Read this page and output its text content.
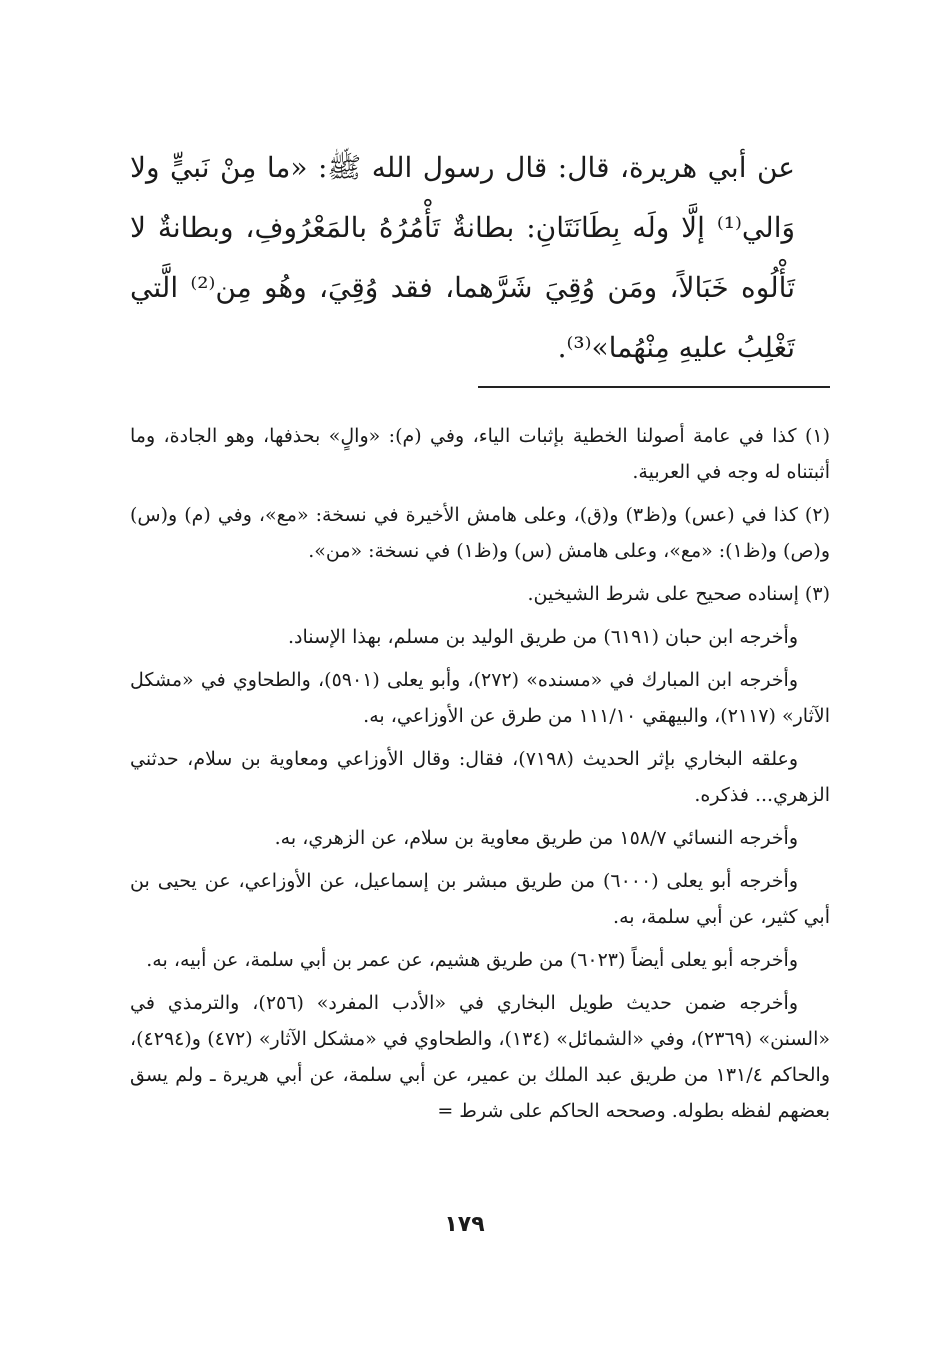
عن أبي هريرة، قال: قال رسول الله ﷺ: «ما مِنْ نَبيٍّ ولا وَالي⁽¹⁾ إلَّا ولَه بِطَانَتَانِ: بطانةٌ تَأْمُرُهُ بالمَعْرُوفِ، وبطانةٌ لا تَأْلُوه خَبَالاً، ومَن وُقِيَ شَرَّهما، فقد وُقِيَ، وهُو مِن⁽²⁾ الَّتي تَغْلِبُ عليهِ مِنْهُما»⁽³⁾.

(١) كذا في عامة أصولنا الخطية بإثبات الياء، وفي (م): «والٍ» بحذفها، وهو الجادة، وما أثبتناه له وجه في العربية.

(٢) كذا في (عس) و(ظ٣) و(ق)، وعلى هامش الأخيرة في نسخة: «مع»، وفي (م) و(س) و(ص) و(ظ١): «مع»، وعلى هامش (س) و(ظ١) في نسخة: «من».

(٣) إسناده صحيح على شرط الشيخين.

وأخرجه ابن حبان (٦١٩١) من طريق الوليد بن مسلم، بهذا الإسناد.

وأخرجه ابن المبارك في «مسنده» (٢٧٢)، وأبو يعلى (٥٩٠١)، والطحاوي في «مشكل الآثار» (٢١١٧)، والبيهقي ١١١/١٠ من طرق عن الأوزاعي، به.

وعلقه البخاري بإثر الحديث (٧١٩٨)، فقال: وقال الأوزاعي ومعاوية بن سلام، حدثني الزهري... فذكره.

وأخرجه النسائي ١٥٨/٧ من طريق معاوية بن سلام، عن الزهري، به.

وأخرجه أبو يعلى (٦٠٠٠) من طريق مبشر بن إسماعيل، عن الأوزاعي، عن يحيى بن أبي كثير، عن أبي سلمة، به.

وأخرجه أبو يعلى أيضاً (٦٠٢٣) من طريق هشيم، عن عمر بن أبي سلمة، عن أبيه، به.

وأخرجه ضمن حديث طويل البخاري في «الأدب المفرد» (٢٥٦)، والترمذي في «السنن» (٢٣٦٩)، وفي «الشمائل» (١٣٤)، والطحاوي في «مشكل الآثار» (٤٧٢) و(٤٢٩٤)، والحاكم ١٣١/٤ من طريق عبد الملك بن عمير، عن أبي سلمة، عن أبي هريرة ـ ولم يسق بعضهم لفظه بطوله. وصححه الحاكم على شرط =

١٧٩
